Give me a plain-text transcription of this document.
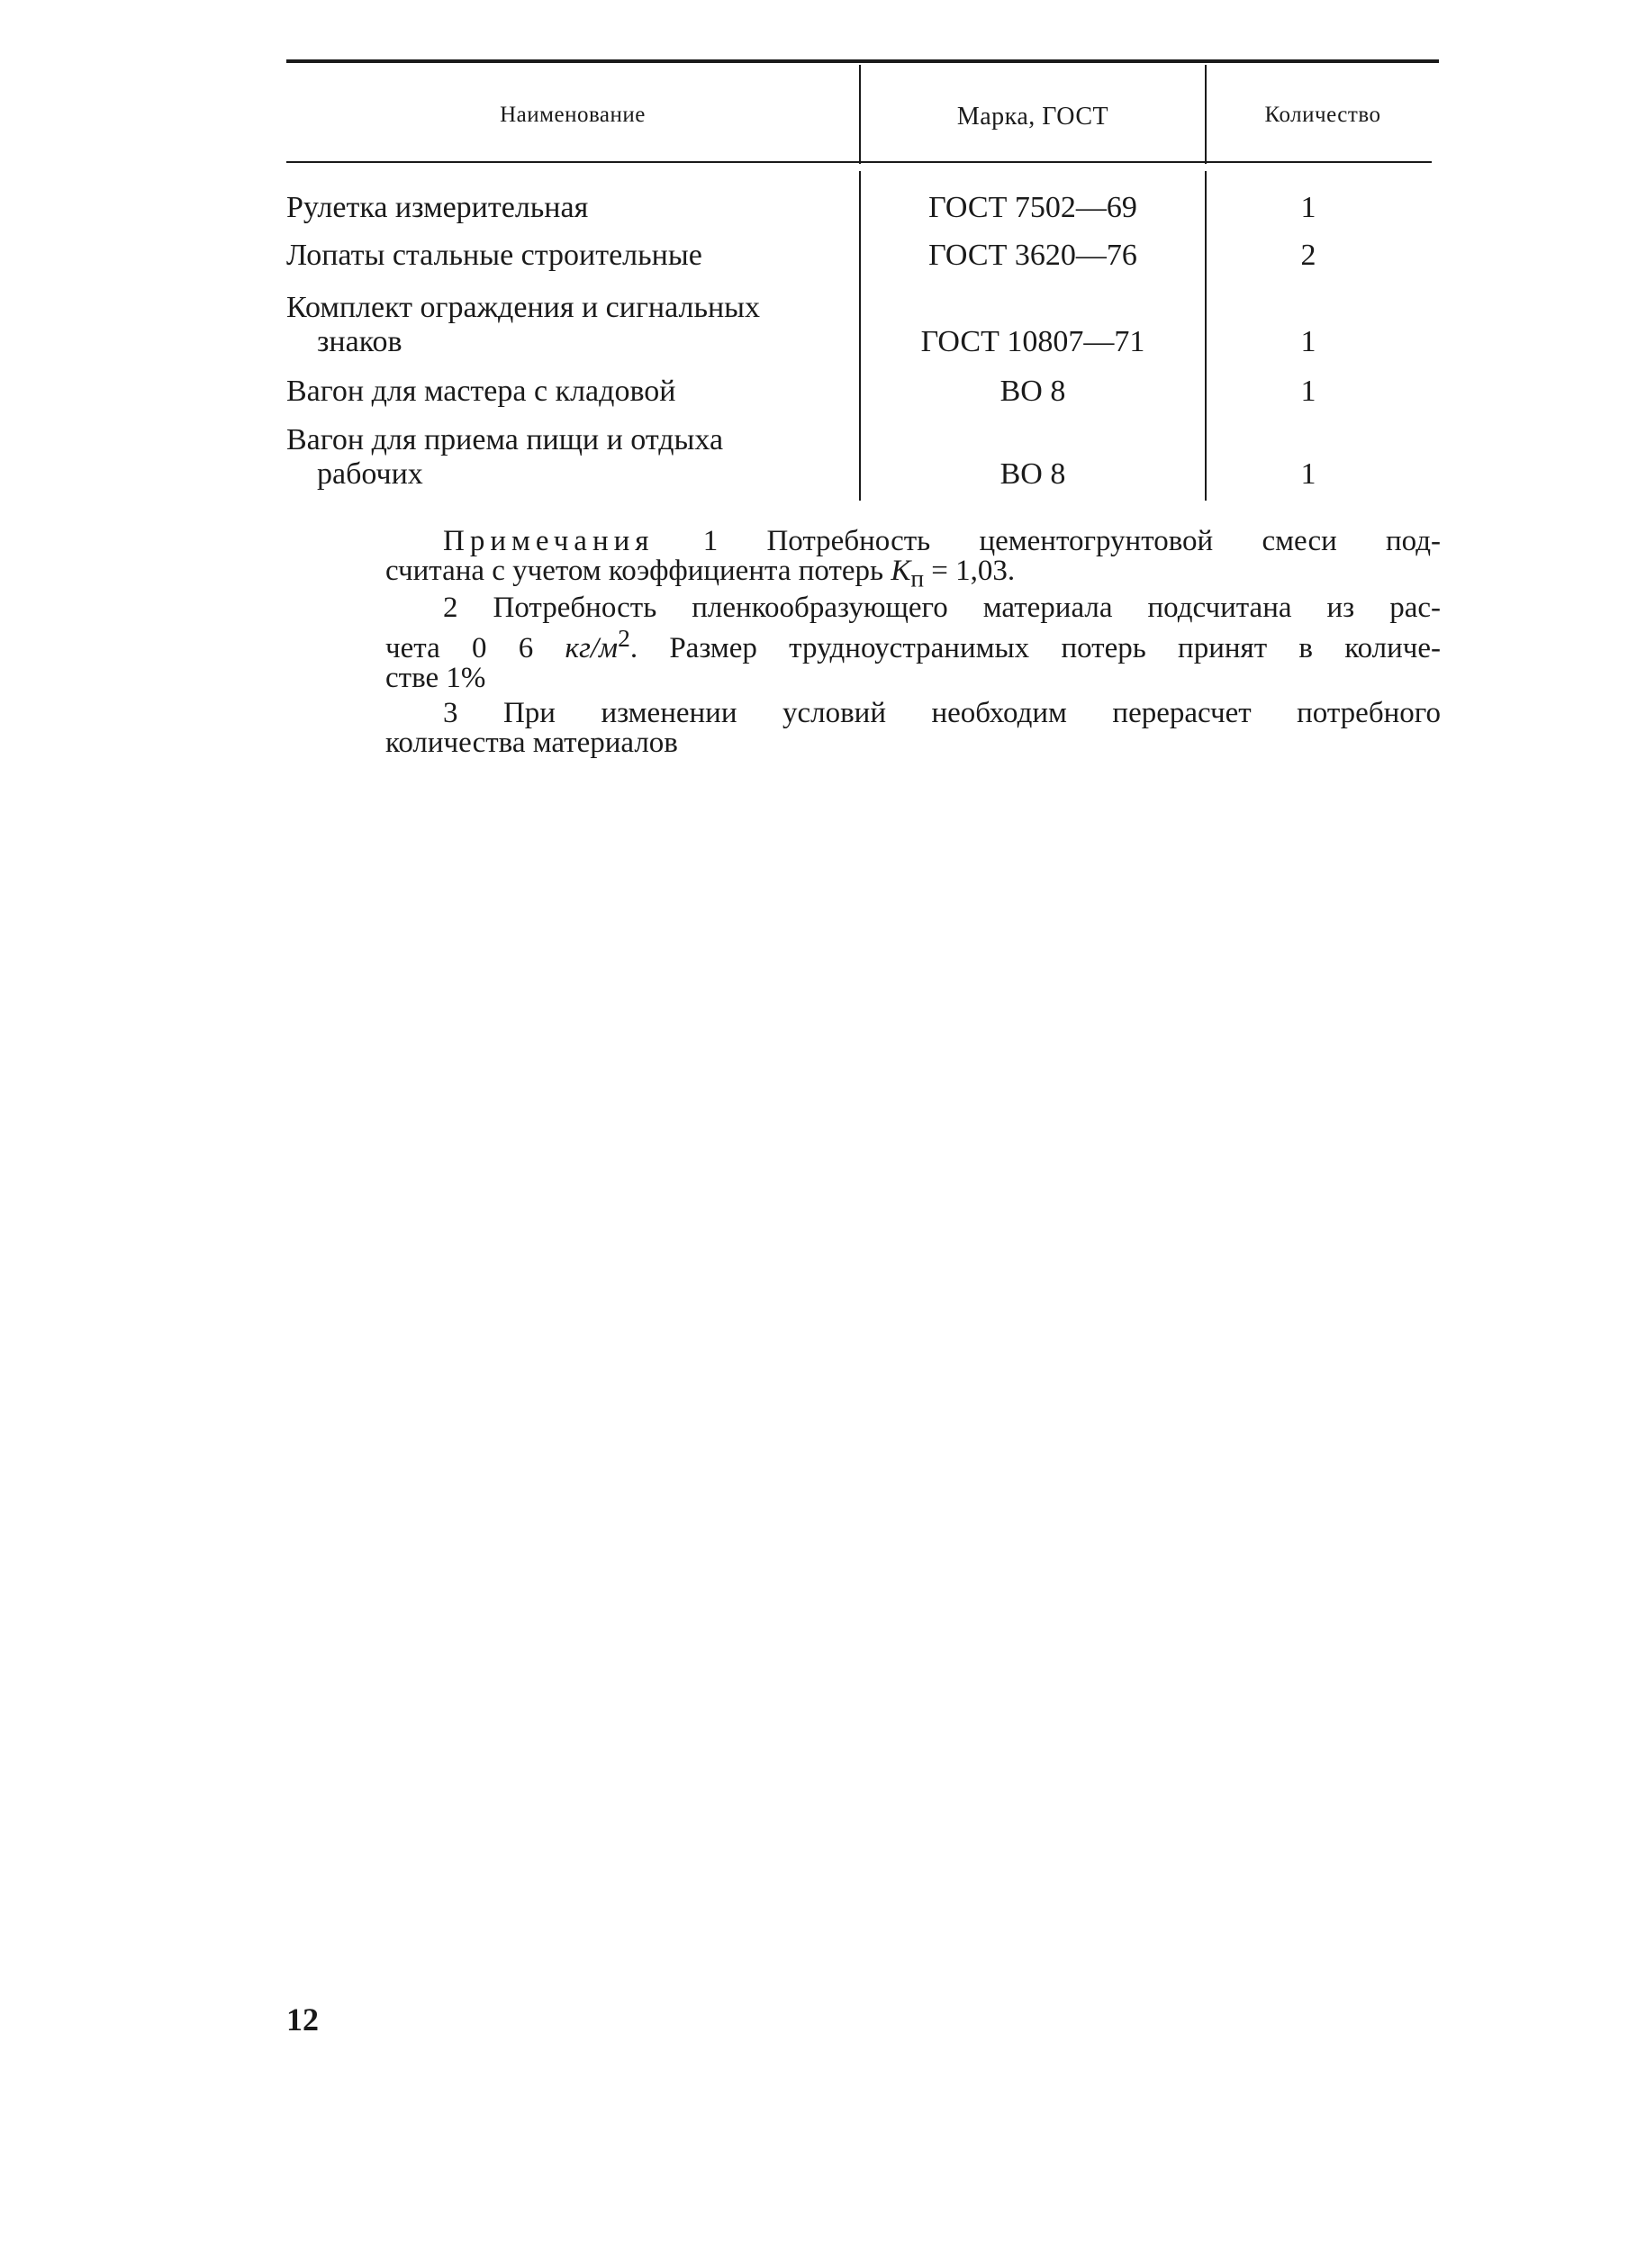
Наименование	Марка, ГОСТ	Количество
Рулетка измерительная	ГОСТ 7502—69	1
Лопаты стальные строительные	ГОСТ 3620—76	2
Комплект ограждения и сигнальных
знаков	ГОСТ 10807—71	1
Вагон для мастера с кладовой	ВО 8	1
Вагон для приема пищи и отдыха
рабочих	ВО 8	1
Примечания 1 Потребность цементогрунтовой смеси под-
считана с учетом коэффициента потерь $K_п = 1,03$.
2 Потребность пленкообразующего материала подсчитана из рас-
чета 0 6 $кг/м^2$. Размер трудноустранимых потерь принят в количе-
стве 1%
3 При изменении условий необходим перерасчет потребного
количества материалов
12
